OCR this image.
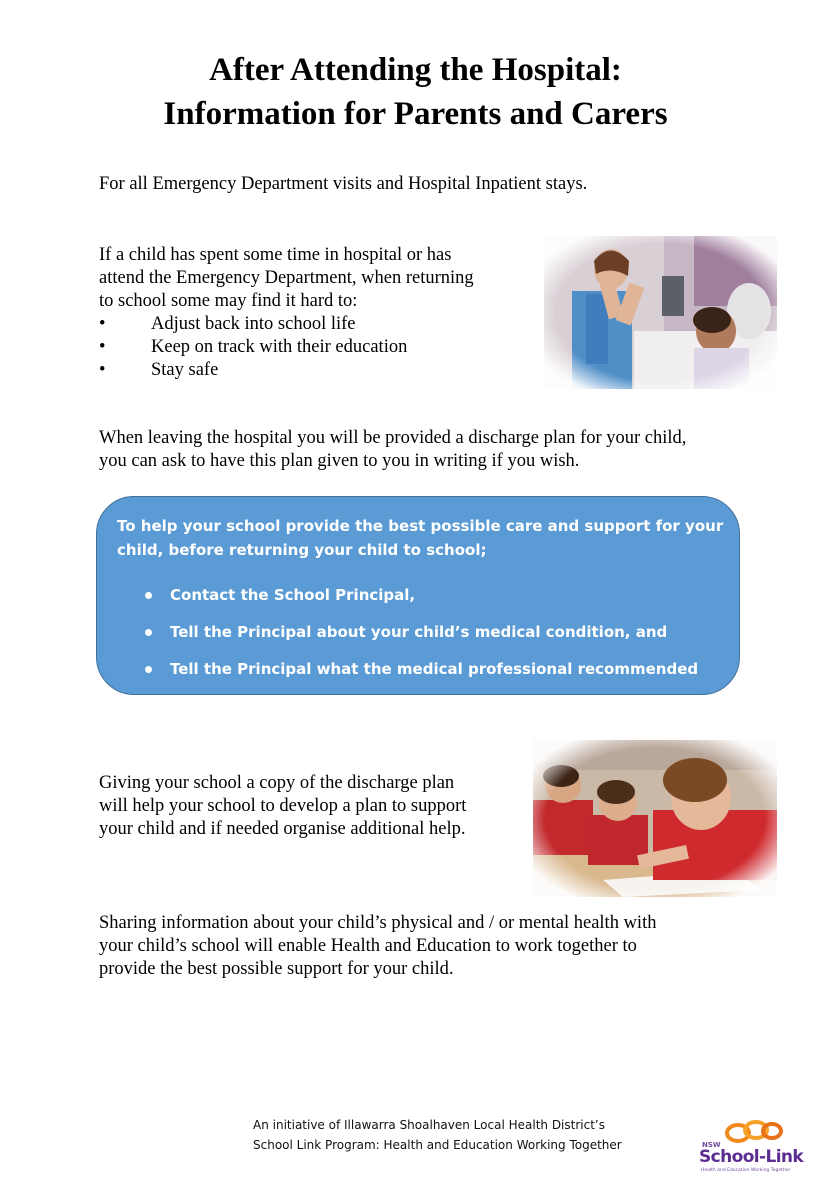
After Attending the Hospital:
Information for Parents and Carers
For all Emergency Department visits and Hospital Inpatient stays.
If a child has spent some time in hospital or has
attend the Emergency Department, when returning
to school some may find it hard to:
• Adjust back into school life
• Keep on track with their education
• Stay safe
When leaving the hospital you will be provided a discharge plan for your child,
you can ask to have this plan given to you in writing if you wish.
To help your school provide the best possible care and support for your
child, before returning your child to school;
Contact the School Principal,
Tell the Principal about your child’s medical condition, and
Tell the Principal what the medical professional recommended
Giving your school a copy of the discharge plan
will help your school to develop a plan to support
your child and if needed organise additional help.
Sharing information about your child’s physical and / or mental health with
your child’s school will enable Health and Education to work together to
provide the best possible support for your child.
An initiative of Illawarra Shoalhaven Local Health District’s
School Link Program: Health and Education Working Together	NSW
School-Link
Health and Education Working Together
